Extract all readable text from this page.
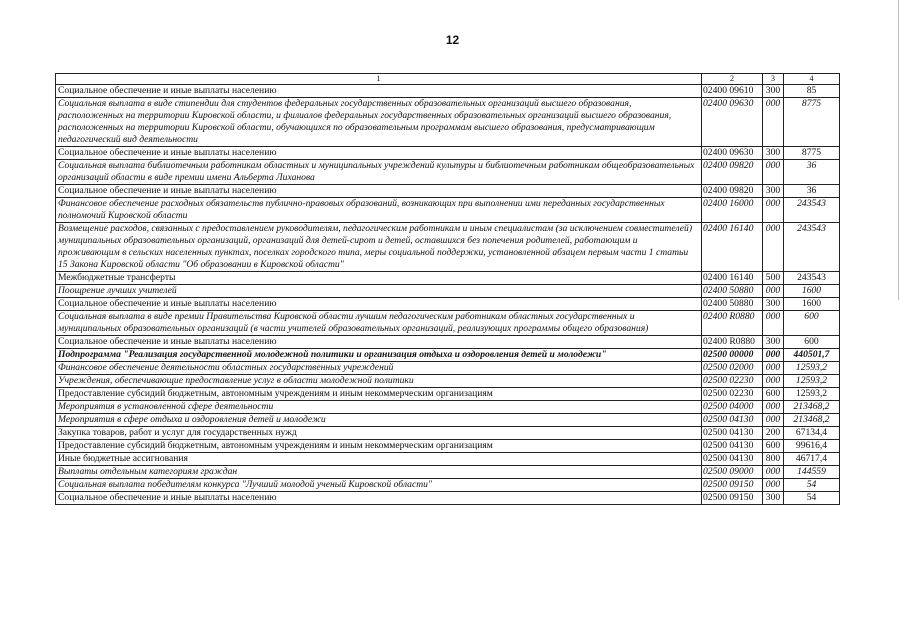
12
1	2	3	4
Социальное обеспечение и иные выплаты населению	02400 09610	300	85
Социальная выплата в виде стипендии для студентов федеральных государственных образовательных организаций высшего образования, расположенных на территории Кировской области, и филиалов федеральных государственных образовательных организаций высшего образования, расположенных на территории Кировской области, обучающихся по образовательным программам высшего образования, предусматривающим педагогический вид деятельности	02400 09630	000	8775
Социальное обеспечение и иные выплаты населению	02400 09630	300	8775
Социальная выплата библиотечным работникам областных и муниципальных учреждений культуры и библиотечным работникам общеобразовательных организаций области в виде премии имени Альберта Лиханова	02400 09820	000	36
Социальное обеспечение и иные выплаты населению	02400 09820	300	36
Финансовое обеспечение расходных обязательств публично-правовых образований, возникающих при выполнении ими переданных государственных полномочий Кировской области	02400 16000	000	243543
Возмещение расходов, связанных с предоставлением руководителям, педагогическим работникам и иным специалистам (за исключением совместителей) муниципальных образовательных организаций, организаций для детей-сирот и детей, оставшихся без попечения родителей, работающим и проживающим в сельских населенных пунктах, поселках городского типа, меры социальной поддержки, установленной абзацем первым части 1 статьи 15 Закона Кировской области "Об образовании в Кировской области"	02400 16140	000	243543
Межбюджетные трансферты	02400 16140	500	243543
Поощрение лучших учителей	02400 50880	000	1600
Социальное обеспечение и иные выплаты населению	02400 50880	300	1600
Социальная выплата в виде премии Правительства Кировской области лучшим педагогическим работникам областных государственных и муниципальных образовательных организаций (в части учителей образовательных организаций, реализующих программы общего образования)	02400 R0880	000	600
Социальное обеспечение и иные выплаты населению	02400 R0880	300	600
Подпрограмма "Реализация государственной молодежной политики и организация отдыха и оздоровления детей и молодежи"	02500 00000	000	440501,7
Финансовое обеспечение деятельности областных государственных учреждений	02500 02000	000	12593,2
Учреждения, обеспечивающие предоставление услуг в области молодежной политики	02500 02230	000	12593,2
Предоставление субсидий бюджетным, автономным учреждениям и иным некоммерческим организациям	02500 02230	600	12593,2
Мероприятия в установленной сфере деятельности	02500 04000	000	213468,2
Мероприятия в сфере отдыха и оздоровления детей и молодежи	02500 04130	000	213468,2
Закупка товаров, работ и услуг для государственных нужд	02500 04130	200	67134,4
Предоставление субсидий бюджетным, автономным учреждениям и иным некоммерческим организациям	02500 04130	600	99616,4
Иные бюджетные ассигнования	02500 04130	800	46717,4
Выплаты отдельным категориям граждан	02500 09000	000	144559
Социальная выплата победителям конкурса "Лучший молодой ученый Кировской области"	02500 09150	000	54
Социальное обеспечение и иные выплаты населению	02500 09150	300	54
